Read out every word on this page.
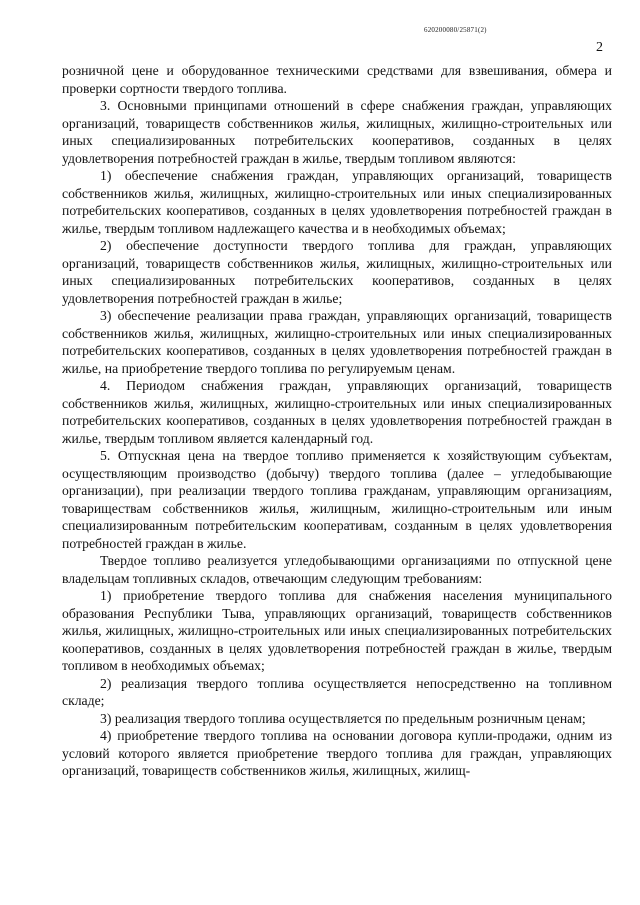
620200080/25871(2)
2

розничной цене и оборудованное техническими средствами для взвешивания, обмера и проверки сортности твердого топлива.

3. Основными принципами отношений в сфере снабжения граждан, управляющих организаций, товариществ собственников жилья, жилищных, жилищно-строительных или иных специализированных потребительских кооперативов, созданных в целях удовлетворения потребностей граждан в жилье, твердым топливом являются:

1) обеспечение снабжения граждан, управляющих организаций, товариществ собственников жилья, жилищных, жилищно-строительных или иных специализированных потребительских кооперативов, созданных в целях удовлетворения потребностей граждан в жилье, твердым топливом надлежащего качества и в необходимых объемах;

2) обеспечение доступности твердого топлива для граждан, управляющих организаций, товариществ собственников жилья, жилищных, жилищно-строительных или иных специализированных потребительских кооперативов, созданных в целях удовлетворения потребностей граждан в жилье;

3) обеспечение реализации права граждан, управляющих организаций, товариществ собственников жилья, жилищных, жилищно-строительных или иных специализированных потребительских кооперативов, созданных в целях удовлетворения потребностей граждан в жилье, на приобретение твердого топлива по регулируемым ценам.

4. Периодом снабжения граждан, управляющих организаций, товариществ собственников жилья, жилищных, жилищно-строительных или иных специализированных потребительских кооперативов, созданных в целях удовлетворения потребностей граждан в жилье, твердым топливом является календарный год.

5. Отпускная цена на твердое топливо применяется к хозяйствующим субъектам, осуществляющим производство (добычу) твердого топлива (далее – угледобывающие организации), при реализации твердого топлива гражданам, управляющим организациям, товариществам собственников жилья, жилищным, жилищно-строительным или иным специализированным потребительским кооперативам, созданным в целях удовлетворения потребностей граждан в жилье.

Твердое топливо реализуется угледобывающими организациями по отпускной цене владельцам топливных складов, отвечающим следующим требованиям:

1) приобретение твердого топлива для снабжения населения муниципального образования Республики Тыва, управляющих организаций, товариществ собственников жилья, жилищных, жилищно-строительных или иных специализированных потребительских кооперативов, созданных в целях удовлетворения потребностей граждан в жилье, твердым топливом в необходимых объемах;

2) реализация твердого топлива осуществляется непосредственно на топливном складе;

3) реализация твердого топлива осуществляется по предельным розничным ценам;

4) приобретение твердого топлива на основании договора купли-продажи, одним из условий которого является приобретение твердого топлива для граждан, управляющих организаций, товариществ собственников жилья, жилищных, жилищ-
